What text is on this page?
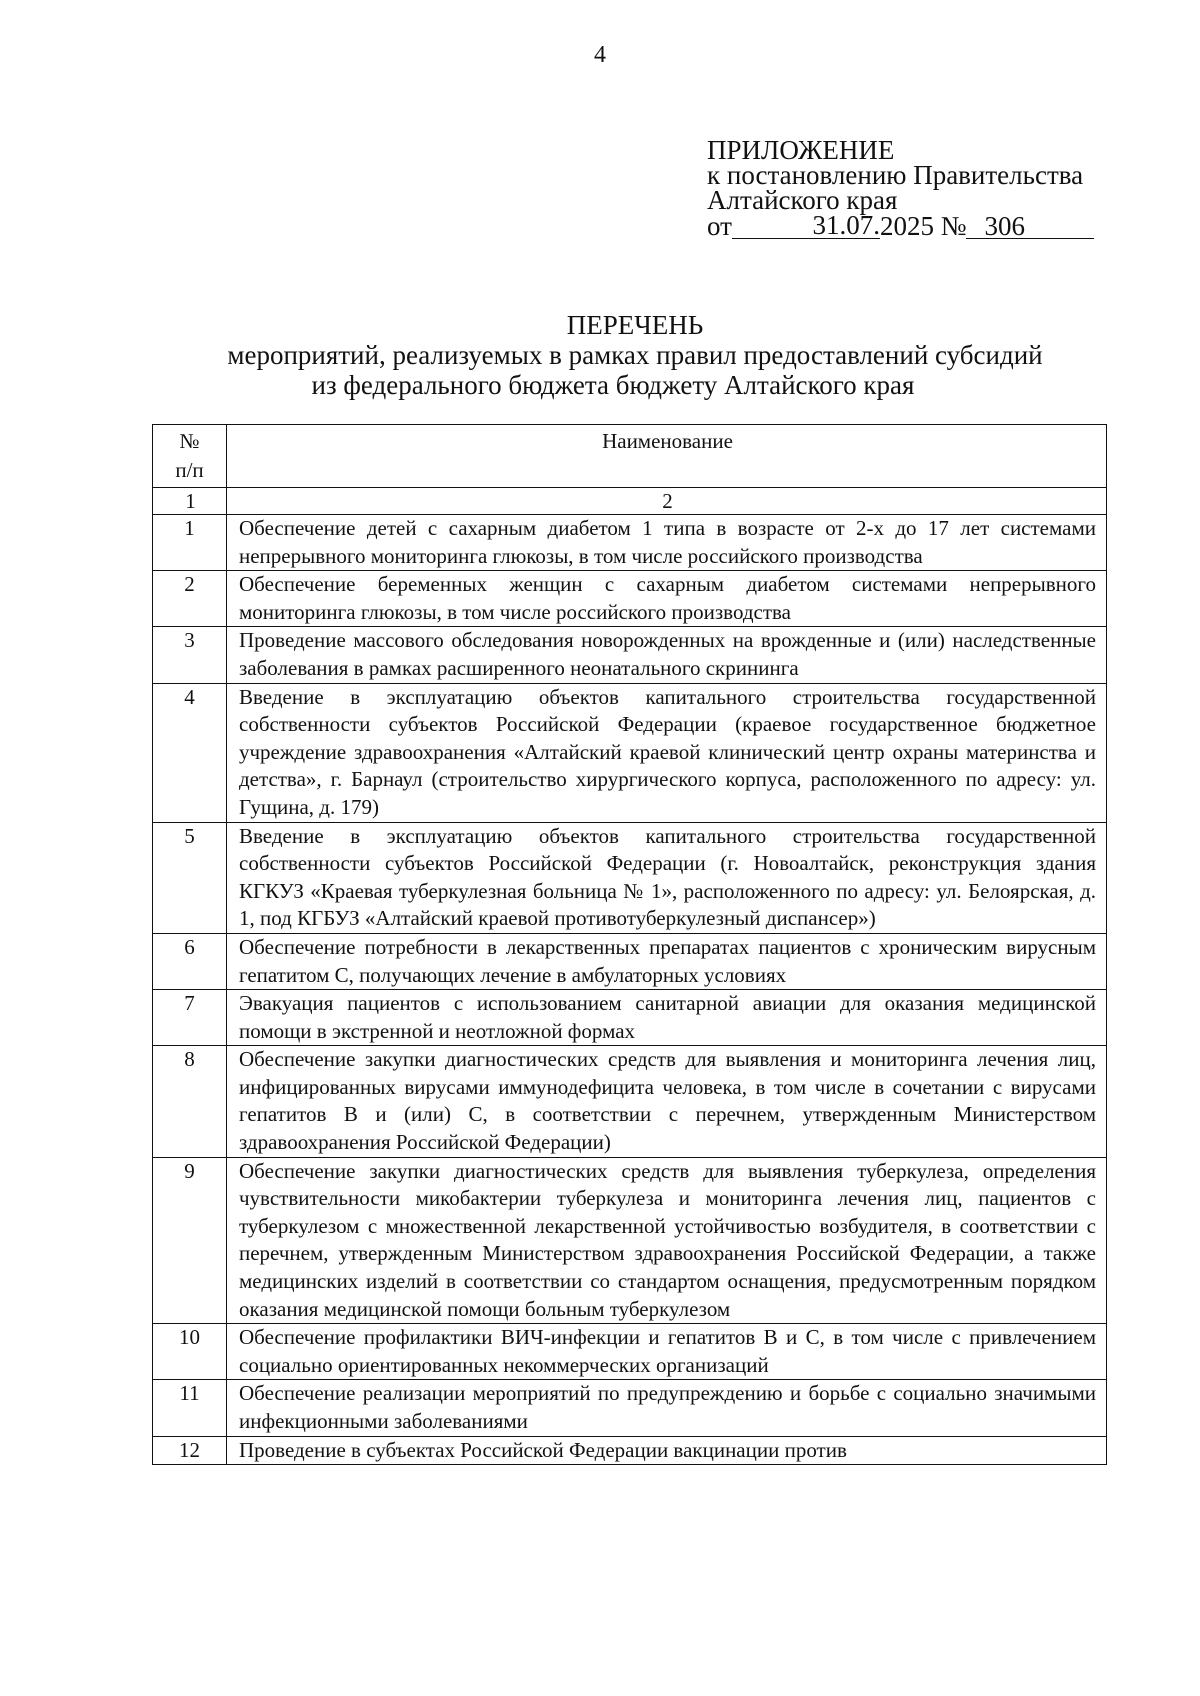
4
ПРИЛОЖЕНИЕ
к постановлению Правительства
Алтайского края
от	31.07.2025 № 306
ПЕРЕЧЕНЬ
мероприятий, реализуемых в рамках правил предоставлений субсидий
из федерального бюджета бюджету Алтайского края
№
п/п	Наименование
1	2
1	Обеспечение детей с сахарным диабетом 1 типа в возрасте от 2-х до 17 лет системами непрерывного мониторинга глюкозы, в том числе российского производства
2	Обеспечение беременных женщин с сахарным диабетом системами непрерывного мониторинга глюкозы, в том числе российского производства
3	Проведение массового обследования новорожденных на врожденные и (или) наследственные заболевания в рамках расширенного неонатального скрининга
4	Введение в эксплуатацию объектов капитального строительства государственной собственности субъектов Российской Федерации (краевое государственное бюджетное учреждение здравоохранения «Алтайский краевой клинический центр охраны материнства и детства», г. Барнаул (строительство хирургического корпуса, расположенного по адресу: ул. Гущина, д. 179)
5	Введение в эксплуатацию объектов капитального строительства государственной собственности субъектов Российской Федерации (г. Новоалтайск, реконструкция здания КГКУЗ «Краевая туберкулезная больница № 1», расположенного по адресу: ул. Белоярская, д. 1, под КГБУЗ «Алтайский краевой противотуберкулезный диспансер»)
6	Обеспечение потребности в лекарственных препаратах пациентов с хроническим вирусным гепатитом С, получающих лечение в амбулаторных условиях
7	Эвакуация пациентов с использованием санитарной авиации для оказания медицинской помощи в экстренной и неотложной формах
8	Обеспечение закупки диагностических средств для выявления и мониторинга лечения лиц, инфицированных вирусами иммунодефицита человека, в том числе в сочетании с вирусами гепатитов В и (или) С, в соответствии с перечнем, утвержденным Министерством здравоохранения Российской Федерации)
9	Обеспечение закупки диагностических средств для выявления туберкулеза, определения чувствительности микобактерии туберкулеза и мониторинга лечения лиц, пациентов с туберкулезом с множественной лекарственной устойчивостью возбудителя, в соответствии с перечнем, утвержденным Министерством здравоохранения Российской Федерации, а также медицинских изделий в соответствии со стандартом оснащения, предусмотренным порядком оказания медицинской помощи больным туберкулезом
10	Обеспечение профилактики ВИЧ-инфекции и гепатитов В и С, в том числе с привлечением социально ориентированных некоммерческих организаций
11	Обеспечение реализации мероприятий по предупреждению и борьбе с социально значимыми инфекционными заболеваниями
12	Проведение в субъектах Российской Федерации вакцинации против
